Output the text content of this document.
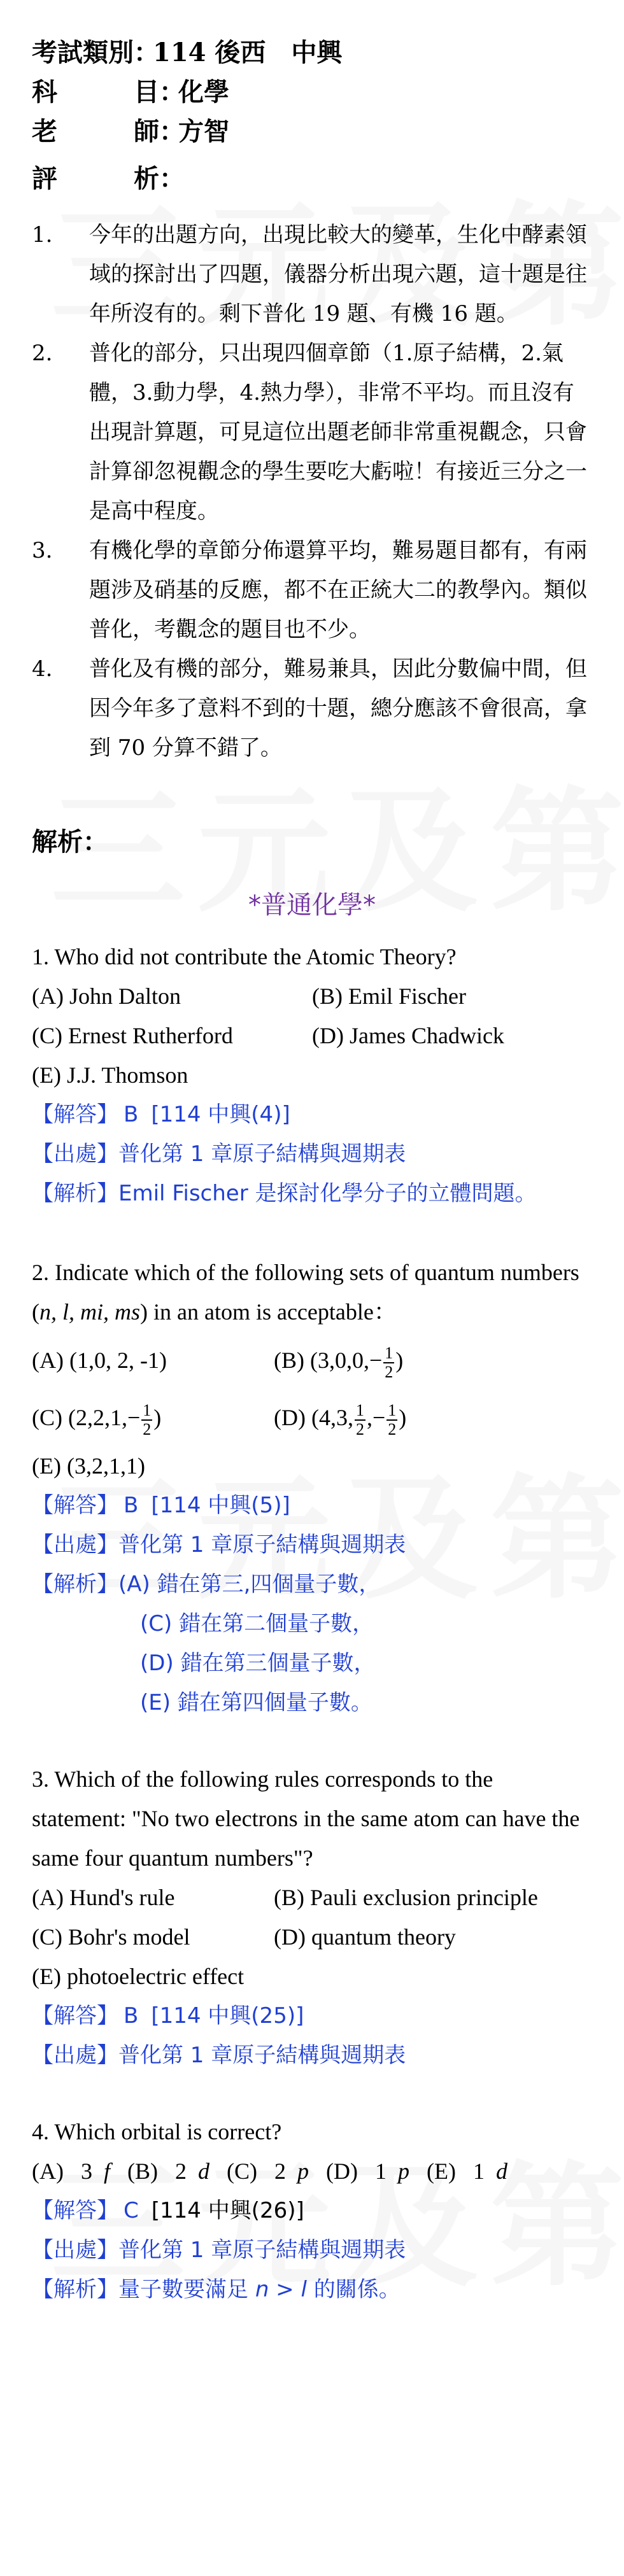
考試類別 ：
114 後西　中興
科	目 ：
化學
老	師 ：
方智
評	析 ：
1.	今年的出題方向，出現比較大的變革，生化中酵素領域的探討出了四題，儀器分析出現六題，這十題是往年所沒有的。剩下普化 19 題、有機 16 題。
2.	普化的部分，只出現四個章節（1.原子結構，2.氣體，3.動力學，4.熱力學），非常不平均。而且沒有出現計算題，可見這位出題老師非常重視觀念，只會計算卻忽視觀念的學生要吃大虧啦！有接近三分之一是高中程度。
3.	有機化學的章節分佈還算平均，難易題目都有，有兩題涉及硝基的反應，都不在正統大二的教學內。類似普化，考觀念的題目也不少。
4.	普化及有機的部分，難易兼具，因此分數偏中間，但因今年多了意料不到的十題，總分應該不會很高，拿到 70 分算不錯了。
解析：
*普通化學*
1. Who did not contribute the Atomic Theory?
(A) John Dalton	(B) Emil Fischer
(C) Ernest Rutherford	(D) James Chadwick
(E) J.J. Thomson
【解答】 B [114 中興(4)]
【出處】普化第 1 章原子結構與週期表
【解析】Emil Fischer 是探討化學分子的立體問題。
2. Indicate which of the following sets of quantum numbers (n, l, mi, ms) in an atom is acceptable：
(A) (1,0, 2, -1)	(B) ($3,0,0,- \frac{1}{2}$ )
(C) ($2,2,1,- \frac{1}{2}$ )	(D) (4,3, $\frac{1}{2}$ ,− $\frac{1}{2}$ )
(E) (3,2,1,1)
【解答】 B [114 中興(5)]
【出處】普化第 1 章原子結構與週期表
【解析】(A) 錯在第三,四個量子數，
(C) 錯在第二個量子數，
(D) 錯在第三個量子數，
(E) 錯在第四個量子數。
3. Which of the following rules corresponds to the statement: "No two electrons in the same atom can have the same four quantum numbers"?
(A) Hund's rule	(B) Pauli exclusion principle
(C) Bohr's model	(D) quantum theory
(E) photoelectric effect
【解答】 B [114 中興(25)]
【出處】普化第 1 章原子結構與週期表
4. Which orbital is correct?
(A) 3 f (B) 2 d (C) 2 p (D) 1 p (E) 1 d
【解答】 C [114 中興(26)]
【出處】普化第 1 章原子結構與週期表
【解析】量子數要滿足 n > l 的關係。
